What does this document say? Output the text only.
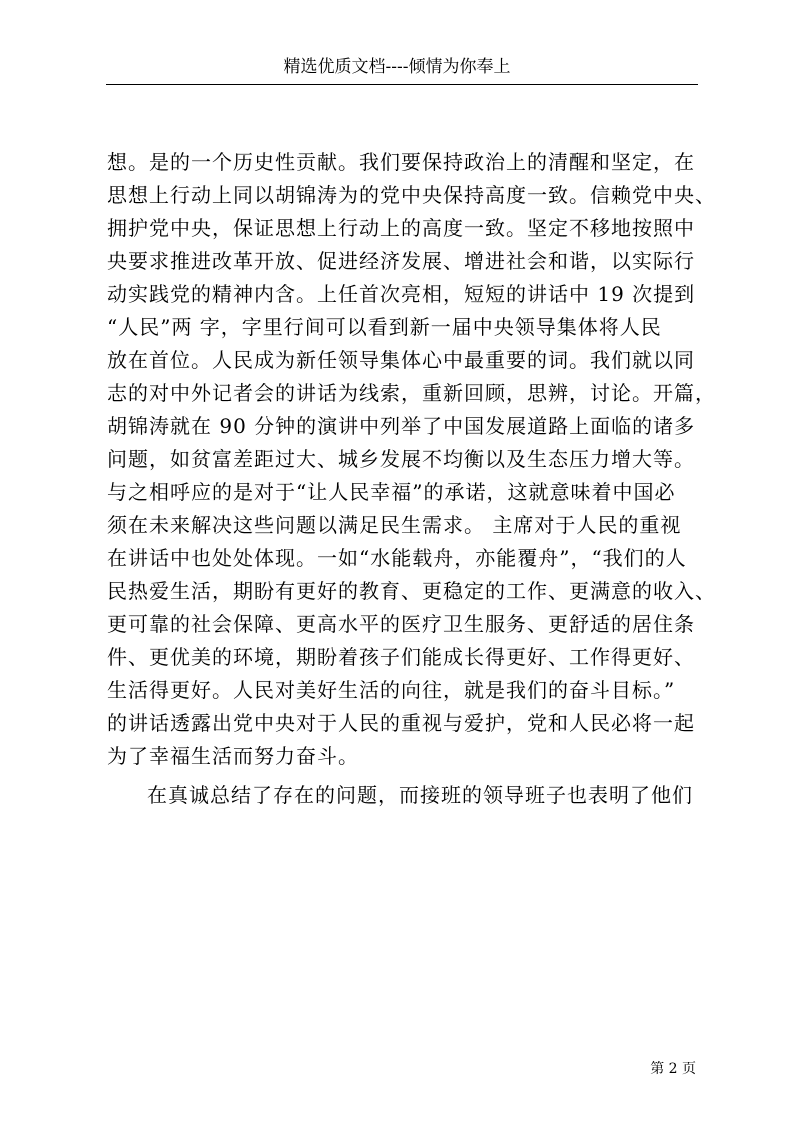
精选优质文档----倾情为你奉上
想。是的一个历史性贡献。我们要保持政治上的清醒和坚定，在
思想上行动上同以胡锦涛为的党中央保持高度一致。信赖党中央、
拥护党中央，保证思想上行动上的高度一致。坚定不移地按照中
央要求推进改革开放、促进经济发展、增进社会和谐，以实际行
动实践党的精神内含。上任首次亮相，短短的讲话中 19 次提到
“人民”两 字，字里行间可以看到新一届中央领导集体将人民
放在首位。人民成为新任领导集体心中最重要的词。我们就以同
志的对中外记者会的讲话为线索，重新回顾，思辨，讨论。开篇，
胡锦涛就在 90 分钟的演讲中列举了中国发展道路上面临的诸多
问题，如贫富差距过大、城乡发展不均衡以及生态压力增大等。
与之相呼应的是对于“让人民幸福”的承诺，这就意味着中国必
须在未来解决这些问题以满足民生需求。 主席对于人民的重视
在讲话中也处处体现。一如“水能载舟，亦能覆舟”，“我们的人
民热爱生活，期盼有更好的教育、更稳定的工作、更满意的收入、
更可靠的社会保障、更高水平的医疗卫生服务、更舒适的居住条
件、更优美的环境，期盼着孩子们能成长得更好、工作得更好、
生活得更好。人民对美好生活的向往，就是我们的奋斗目标。”
的讲话透露出党中央对于人民的重视与爱护，党和人民必将一起
为了幸福生活而努力奋斗。
在真诚总结了存在的问题，而接班的领导班子也表明了他们
第 2 页
